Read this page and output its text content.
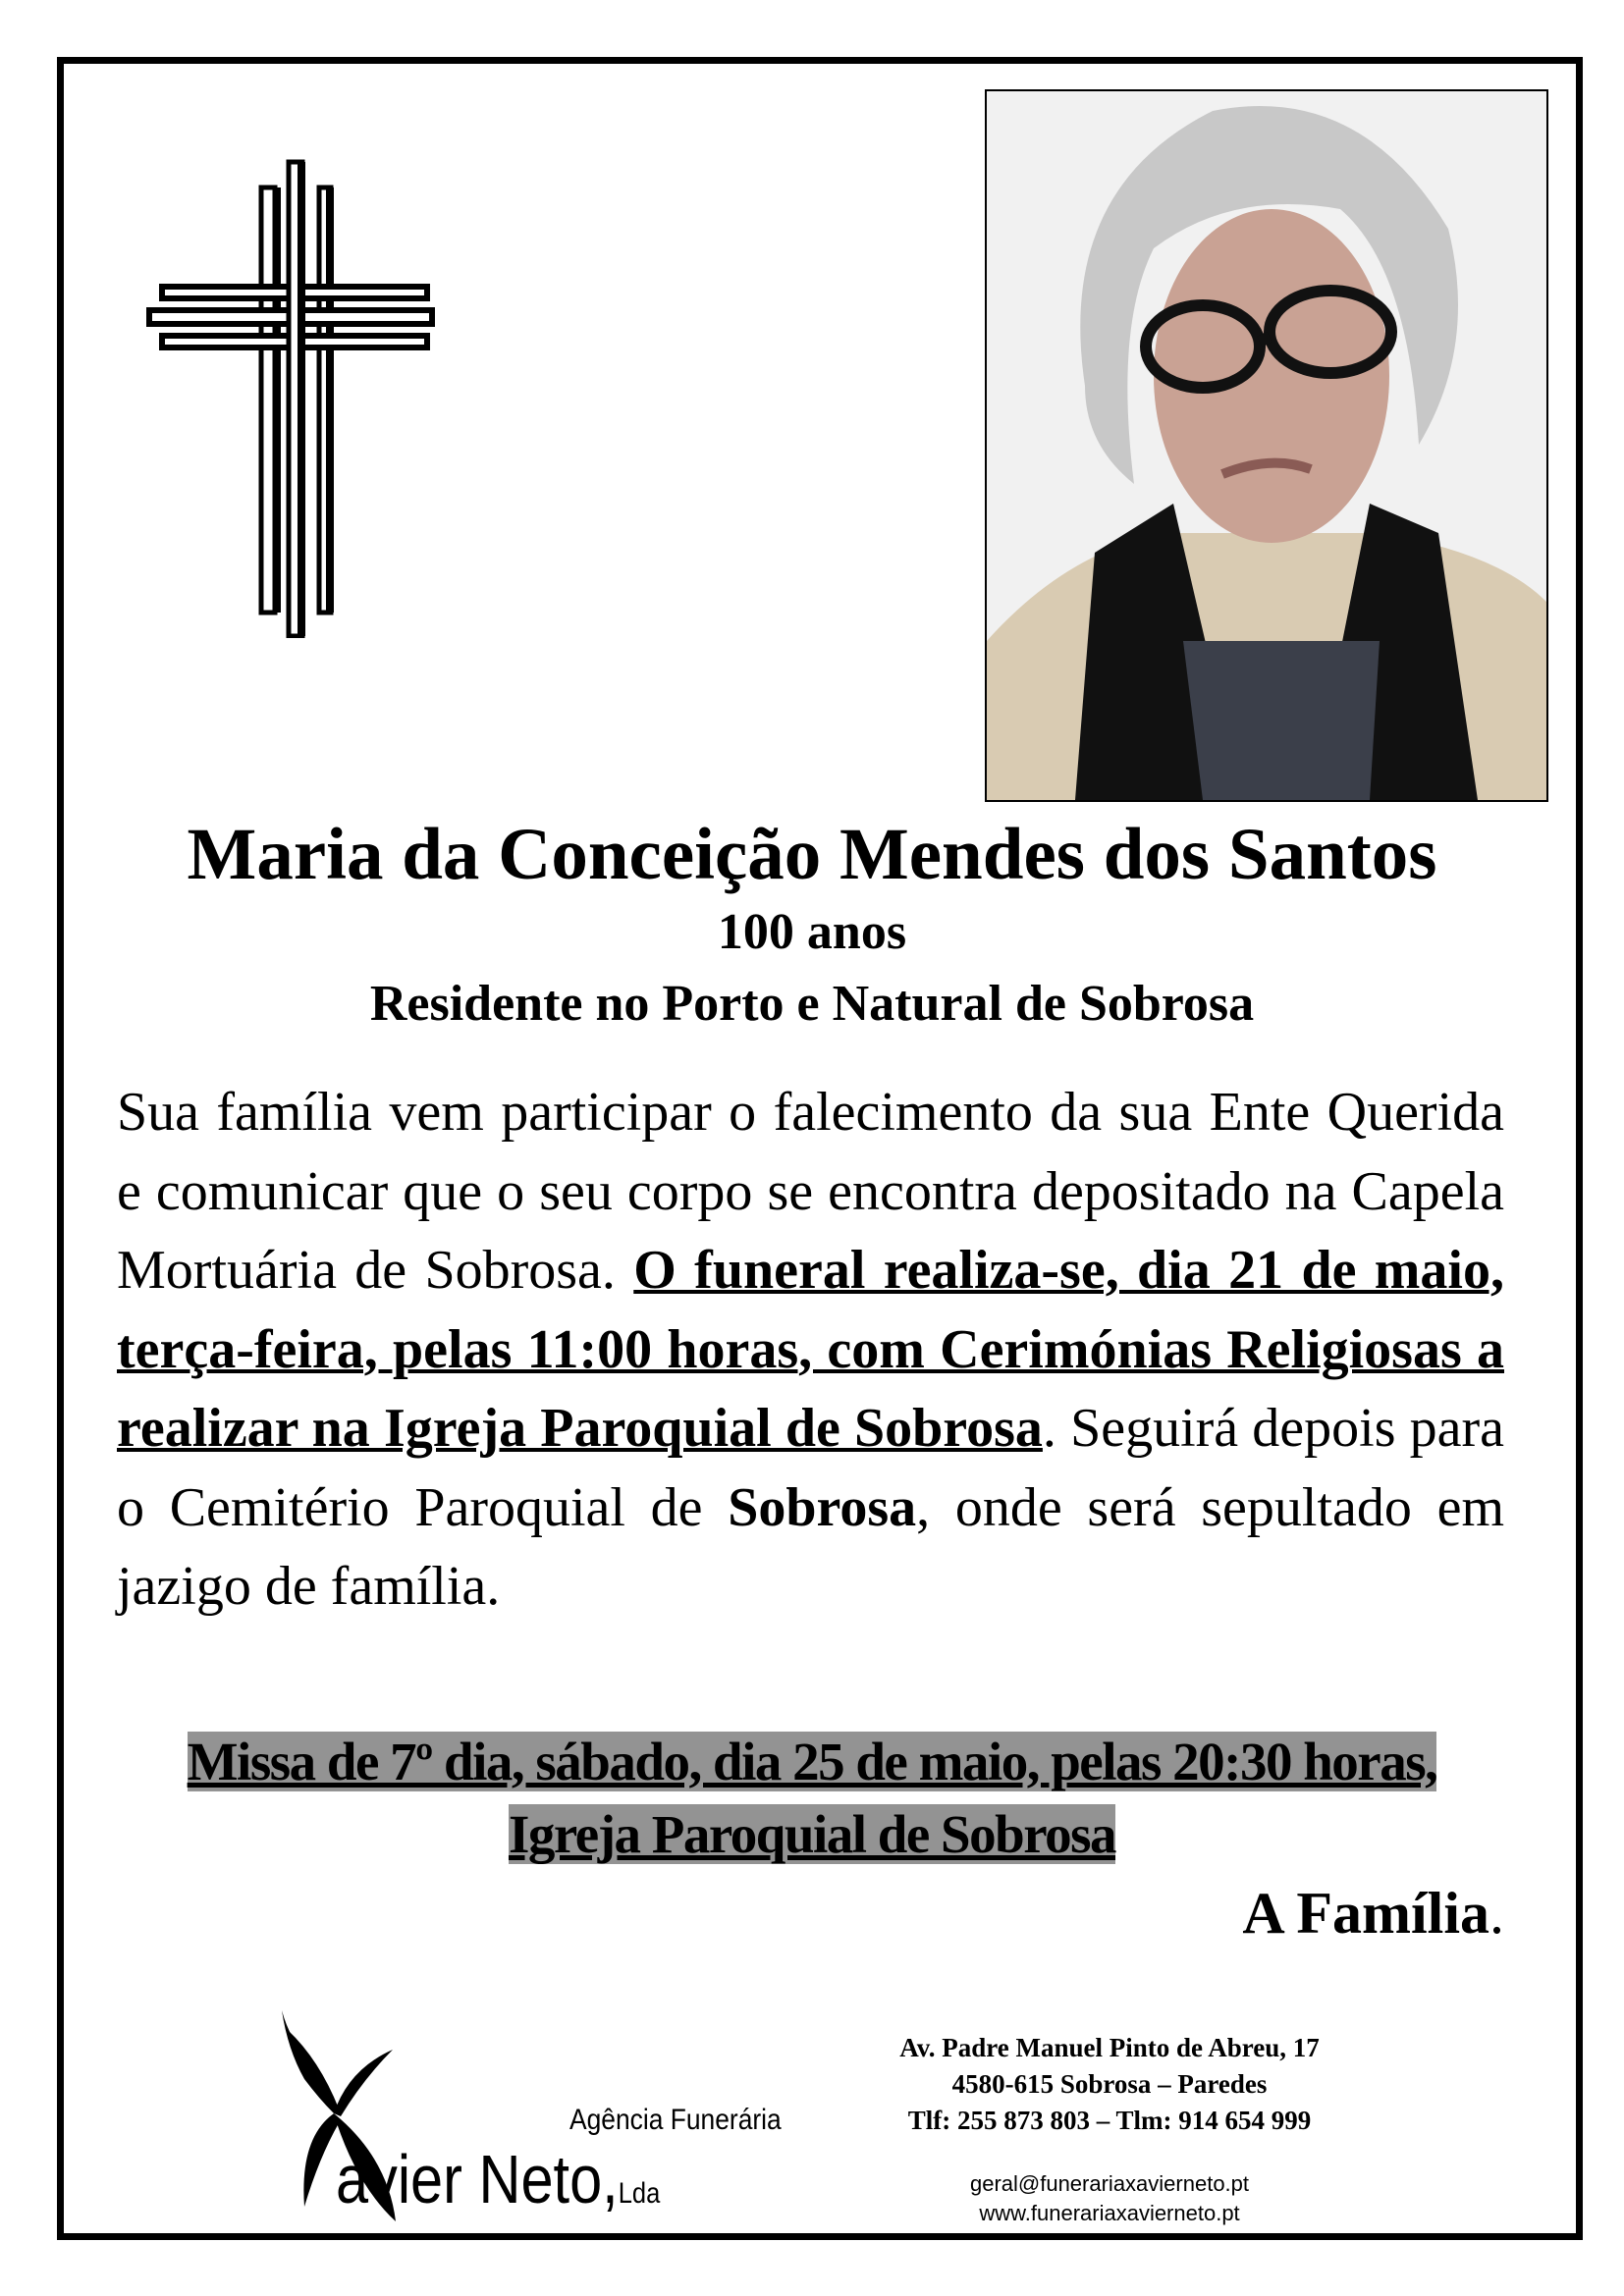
Maria da Conceição Mendes dos Santos
100 anos
Residente no Porto e Natural de Sobrosa
Sua família vem participar o falecimento da sua Ente Querida e comunicar que o seu corpo se encontra depositado na Capela Mortuária de Sobrosa. O funeral realiza-se, dia 21 de maio, terça-feira, pelas 11:00 horas, com Cerimónias Religiosas a realizar na Igreja Paroquial de Sobrosa. Seguirá depois para o Cemitério Paroquial de Sobrosa, onde será sepultado em jazigo de família.
Missa de 7º dia, sábado, dia 25 de maio, pelas 20:30 horas,
Igreja Paroquial de Sobrosa
A Família.
Agência Funerária
avier Neto,Lda
Av. Padre Manuel Pinto de Abreu, 17
4580-615 Sobrosa – Paredes
Tlf: 255 873 803 – Tlm: 914 654 999
geral@funerariaxavierneto.pt
www.funerariaxavierneto.pt
